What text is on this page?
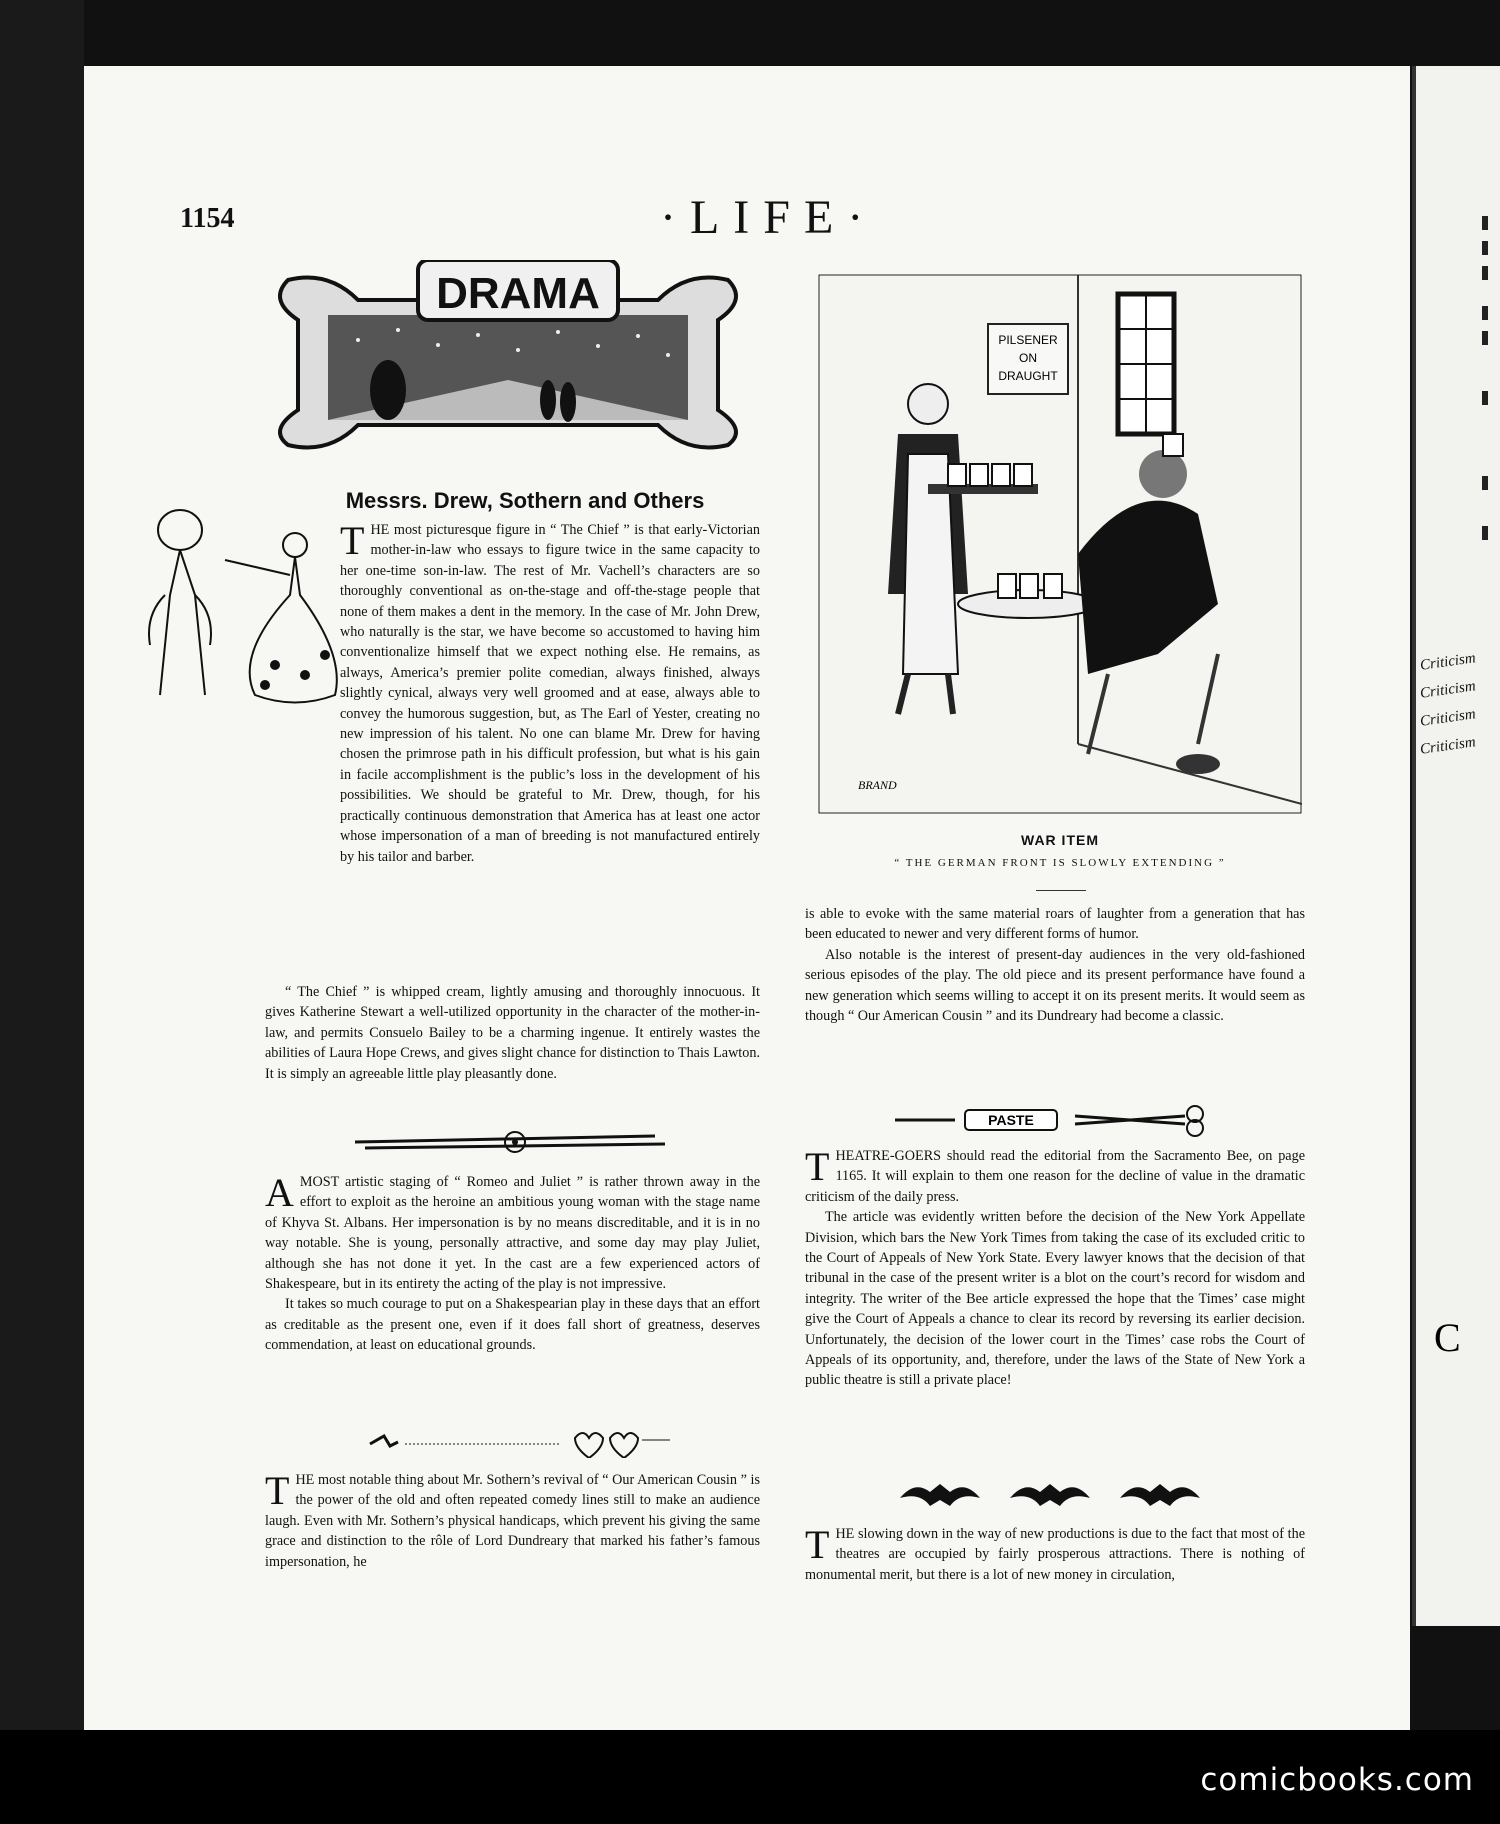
C

Criticism

Criticism

Criticism

Criticism

comicbooks.com
1154	·LIFE·
DRAMA
Messrs. Drew, Sothern and Others

THE most picturesque figure in “ The Chief ” is that early-Victorian mother-in-law who essays to figure twice in the same capacity to her one-time son-in-law. The rest of Mr. Vachell’s characters are so thoroughly conventional as on-the-stage and off-the-stage people that none of them makes a dent in the memory. In the case of Mr. John Drew, who naturally is the star, we have become so accustomed to having him conventionalize himself that we expect nothing else. He remains, as always, America’s premier polite comedian, always finished, always slightly cynical, always very well groomed and at ease, always able to convey the humorous suggestion, but, as The Earl of Yester, creating no new impression of his talent. No one can blame Mr. Drew for having chosen the primrose path in his difficult profession, but what is his gain in facile accomplishment is the public’s loss in the development of his possibilities. We should be grateful to Mr. Drew, though, for his practically continuous demonstration that America has at least one actor whose impersonation of a man of breeding is not manufactured entirely by his tailor and barber.

“ The Chief ” is whipped cream, lightly amusing and thoroughly innocuous. It gives Katherine Stewart a well-utilized opportunity in the character of the mother-in-law, and permits Consuelo Bailey to be a charming ingenue. It entirely wastes the abilities of Laura Hope Crews, and gives slight chance for distinction to Thais Lawton. It is simply an agreeable little play pleasantly done.

AMOST artistic staging of “ Romeo and Juliet ” is rather thrown away in the effort to exploit as the heroine an ambitious young woman with the stage name of Khyva St. Albans. Her impersonation is by no means discreditable, and it is in no way notable. She is young, personally attractive, and some day may play Juliet, although she has not done it yet. In the cast are a few experienced actors of Shakespeare, but in its entirety the acting of the play is not impressive.

It takes so much courage to put on a Shakespearian play in these days that an effort as creditable as the present one, even if it does fall short of greatness, deserves commendation, at least on educational grounds.

THE most notable thing about Mr. Sothern’s revival of “ Our American Cousin ” is the power of the old and often repeated comedy lines still to make an audience laugh. Even with Mr. Sothern’s physical handicaps, which prevent his giving the same grace and distinction to the rôle of Lord Dundreary that marked his father’s famous impersonation, he

PILSENER
ON
DRAUGHT
BRAND
WAR ITEM
“ THE GERMAN FRONT IS SLOWLY EXTENDING ”

is able to evoke with the same material roars of laughter from a generation that has been educated to newer and very different forms of humor.

Also notable is the interest of present-day audiences in the very old-fashioned serious episodes of the play. The old piece and its present performance have found a new generation which seems willing to accept it on its present merits. It would seem as though “ Our American Cousin ” and its Dundreary had become a classic.

PASTE

THEATRE-GOERS should read the editorial from the Sacramento Bee, on page 1165. It will explain to them one reason for the decline of value in the dramatic criticism of the daily press.

The article was evidently written before the decision of the New York Appellate Division, which bars the New York Times from taking the case of its excluded critic to the Court of Appeals of New York State. Every lawyer knows that the decision of that tribunal in the case of the present writer is a blot on the court’s record for wisdom and integrity. The writer of the Bee article expressed the hope that the Times’ case might give the Court of Appeals a chance to clear its record by reversing its earlier decision. Unfortunately, the decision of the lower court in the Times’ case robs the Court of Appeals of its opportunity, and, therefore, under the laws of the State of New York a public theatre is still a private place!

THE slowing down in the way of new productions is due to the fact that most of the theatres are occupied by fairly prosperous attractions. There is nothing of monumental merit, but there is a lot of new money in circulation,
